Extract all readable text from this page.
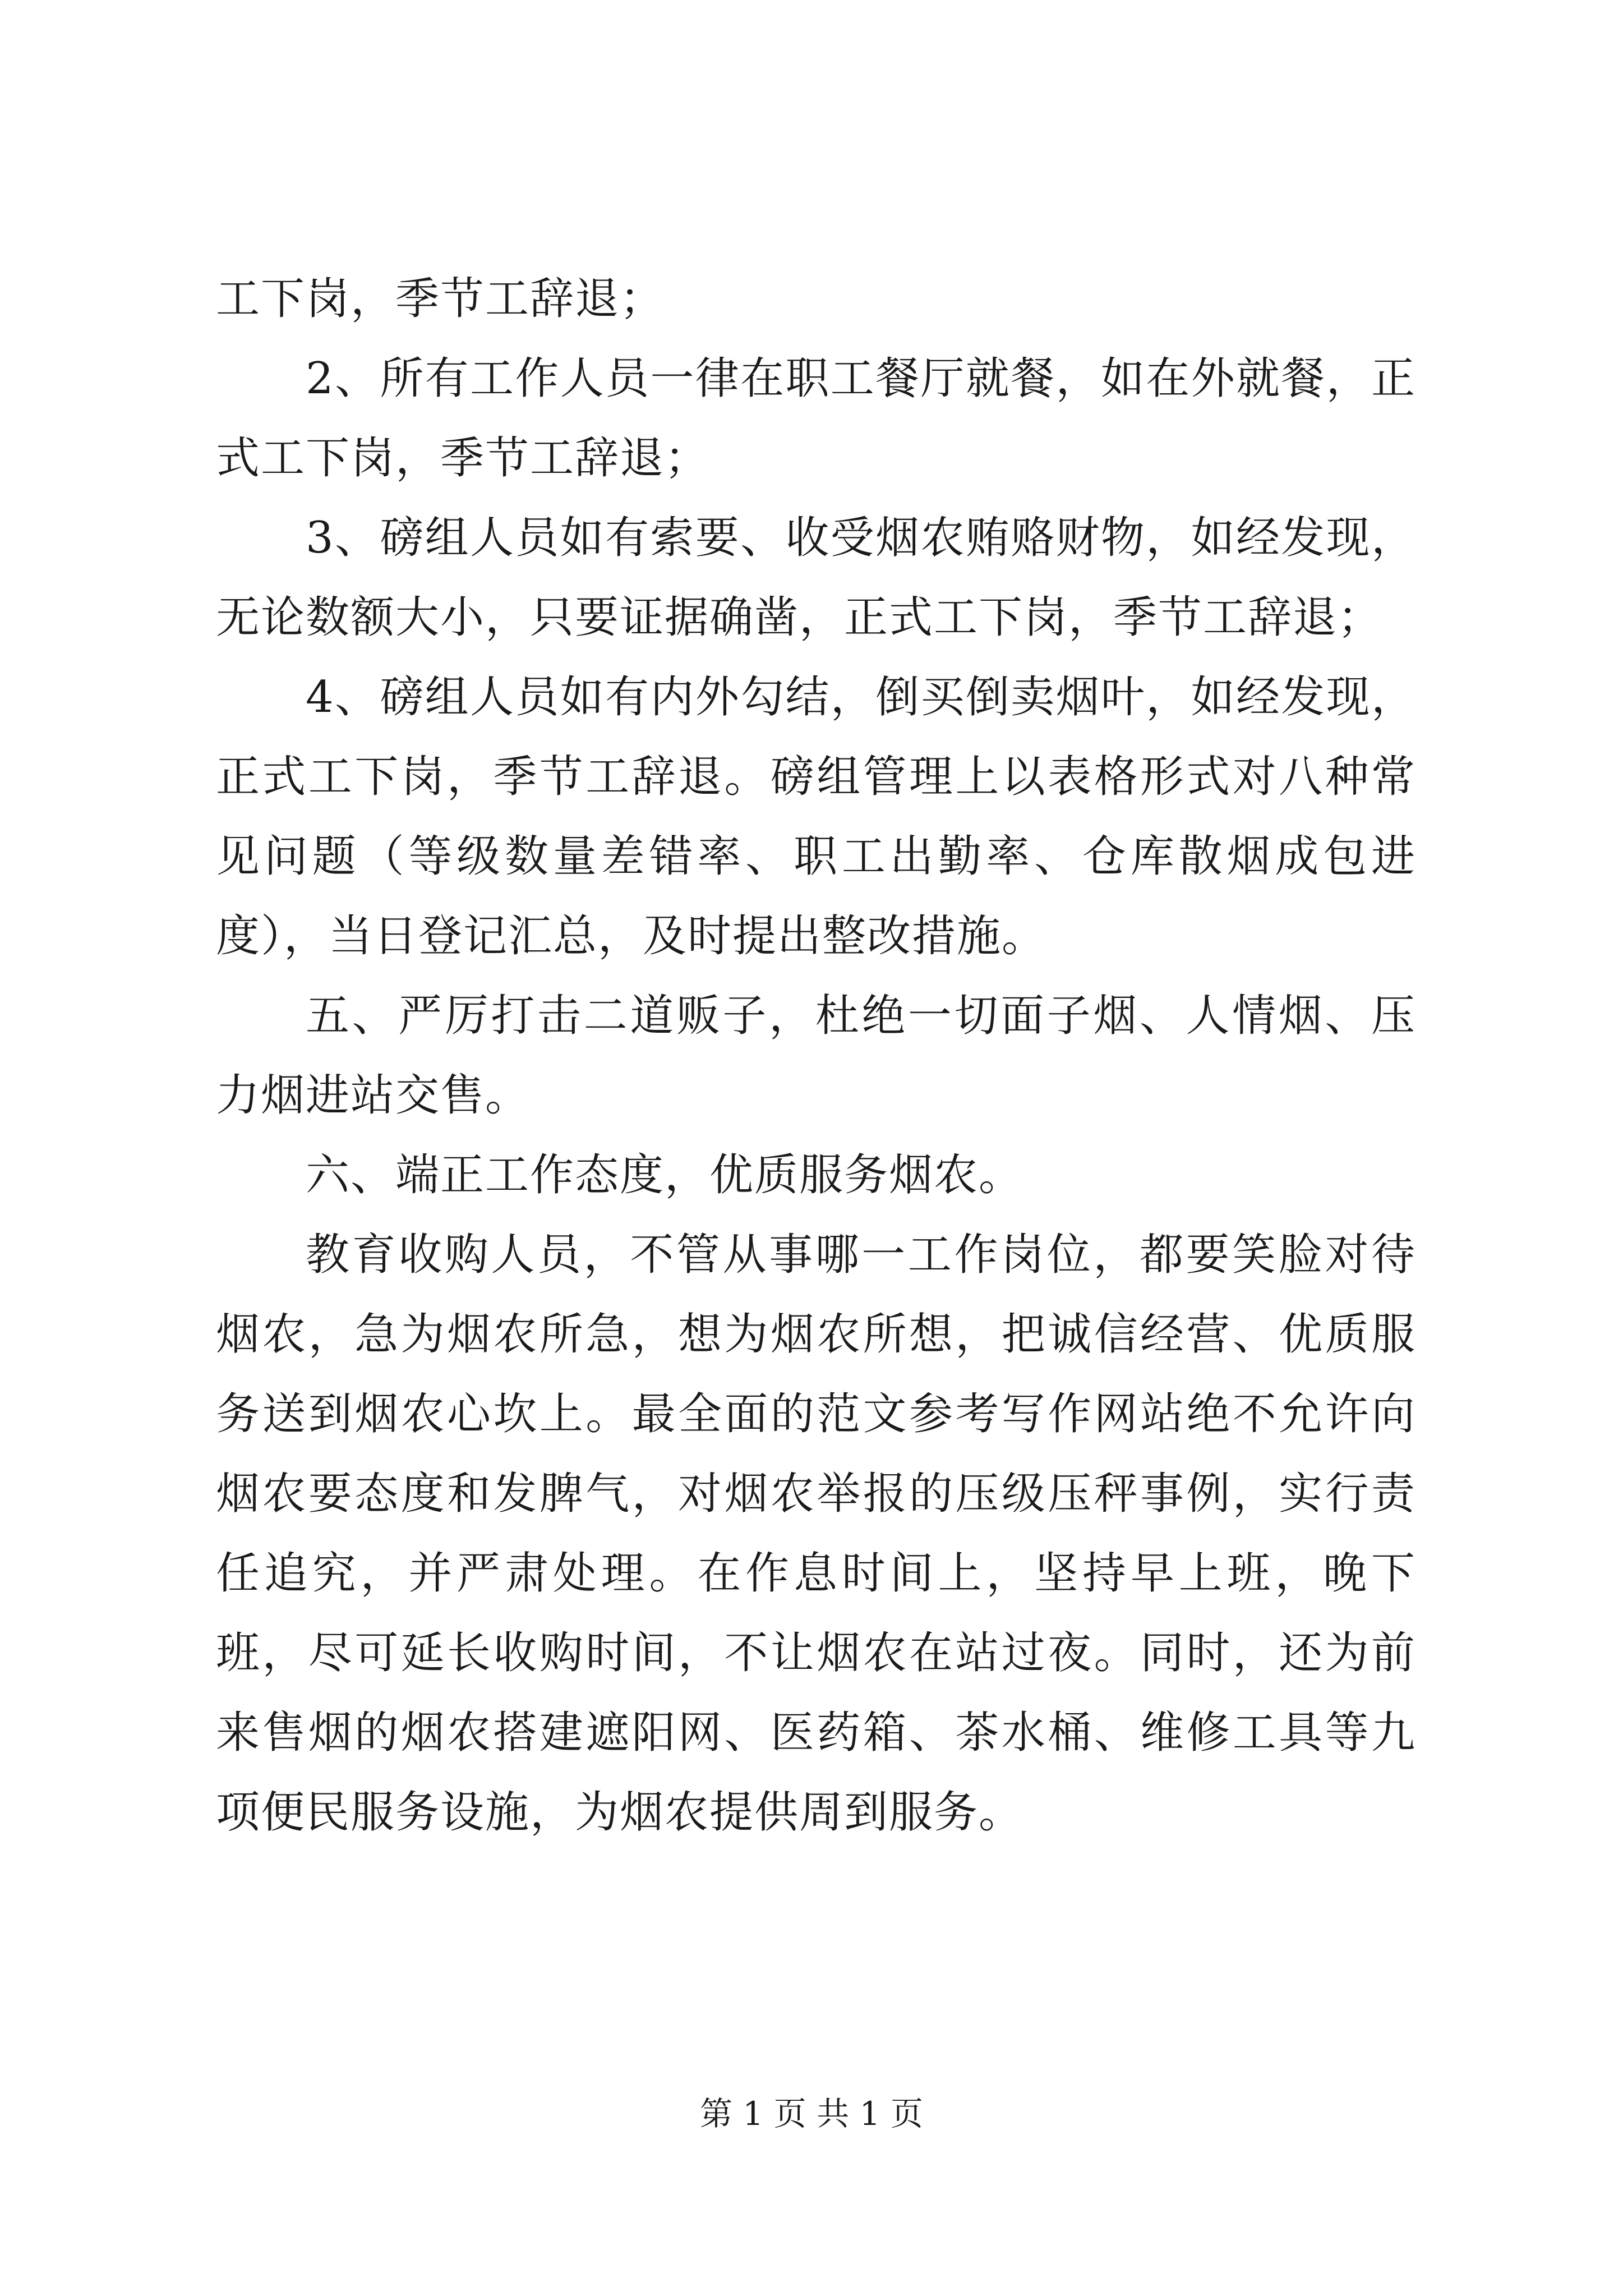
工下岗，季节工辞退；

2、所有工作人员一律在职工餐厅就餐，如在外就餐，正式工下岗，季节工辞退；

3、磅组人员如有索要、收受烟农贿赂财物，如经发现，无论数额大小，只要证据确凿，正式工下岗，季节工辞退；

4、磅组人员如有内外勾结，倒买倒卖烟叶，如经发现，正式工下岗，季节工辞退。磅组管理上以表格形式对八种常见问题（等级数量差错率、职工出勤率、仓库散烟成包进度），当日登记汇总，及时提出整改措施。

五、严厉打击二道贩子，杜绝一切面子烟、人情烟、压力烟进站交售。

六、端正工作态度，优质服务烟农。

教育收购人员，不管从事哪一工作岗位，都要笑脸对待烟农，急为烟农所急，想为烟农所想，把诚信经营、优质服务送到烟农心坎上。最全面的范文参考写作网站绝不允许向烟农要态度和发脾气，对烟农举报的压级压秤事例，实行责任追究，并严肃处理。在作息时间上，坚持早上班，晚下班，尽可延长收购时间，不让烟农在站过夜。同时，还为前来售烟的烟农搭建遮阳网、医药箱、茶水桶、维修工具等九项便民服务设施，为烟农提供周到服务。

第 1 页 共 1 页
